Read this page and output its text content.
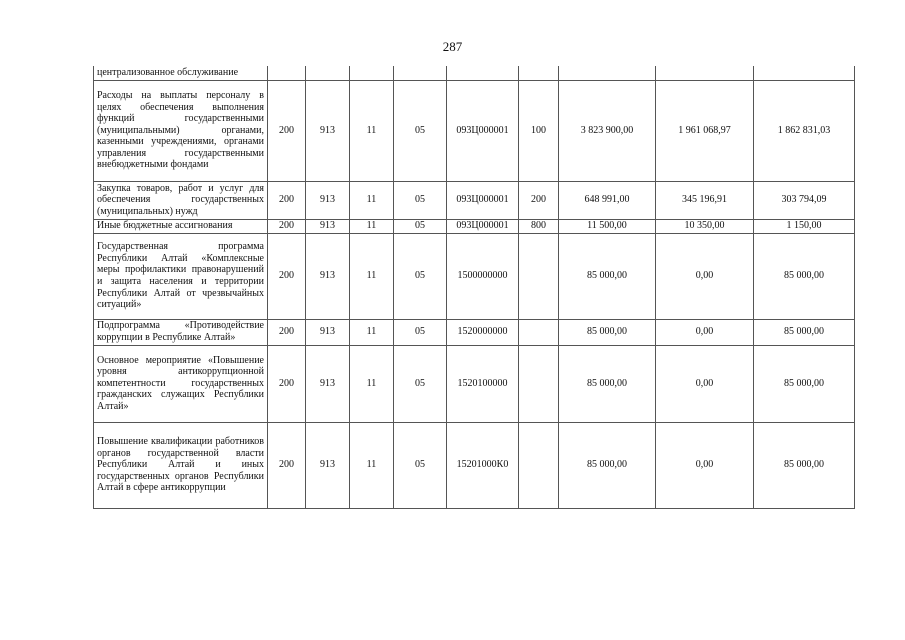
287
централизованное обслуживание									
Расходы на выплаты персоналу в целях обеспечения выполнения функций государственными (муниципальными) органами, казенными учреждениями, органами управления государственными внебюджетными фондами	200	913	11	05	093Ц000001	100	3 823 900,00	1 961 068,97	1 862 831,03
Закупка товаров, работ и услуг для обеспечения государственных (муниципальных) нужд	200	913	11	05	093Ц000001	200	648 991,00	345 196,91	303 794,09
Иные бюджетные ассигнования	200	913	11	05	093Ц000001	800	11 500,00	10 350,00	1 150,00
Государственная программа Республики Алтай «Комплексные меры профилактики правонарушений и защита населения и территории Республики Алтай от чрезвычайных ситуаций»	200	913	11	05	1500000000		85 000,00	0,00	85 000,00
Подпрограмма «Противодействие коррупции в Республике Алтай»	200	913	11	05	1520000000		85 000,00	0,00	85 000,00
Основное мероприятие «Повышение уровня антикоррупционной компетентности государственных гражданских служащих Республики Алтай»	200	913	11	05	1520100000		85 000,00	0,00	85 000,00
Повышение квалификации работников органов государственной власти Республики Алтай и иных государственных органов Республики Алтай в сфере антикоррупции	200	913	11	05	15201000К0		85 000,00	0,00	85 000,00
